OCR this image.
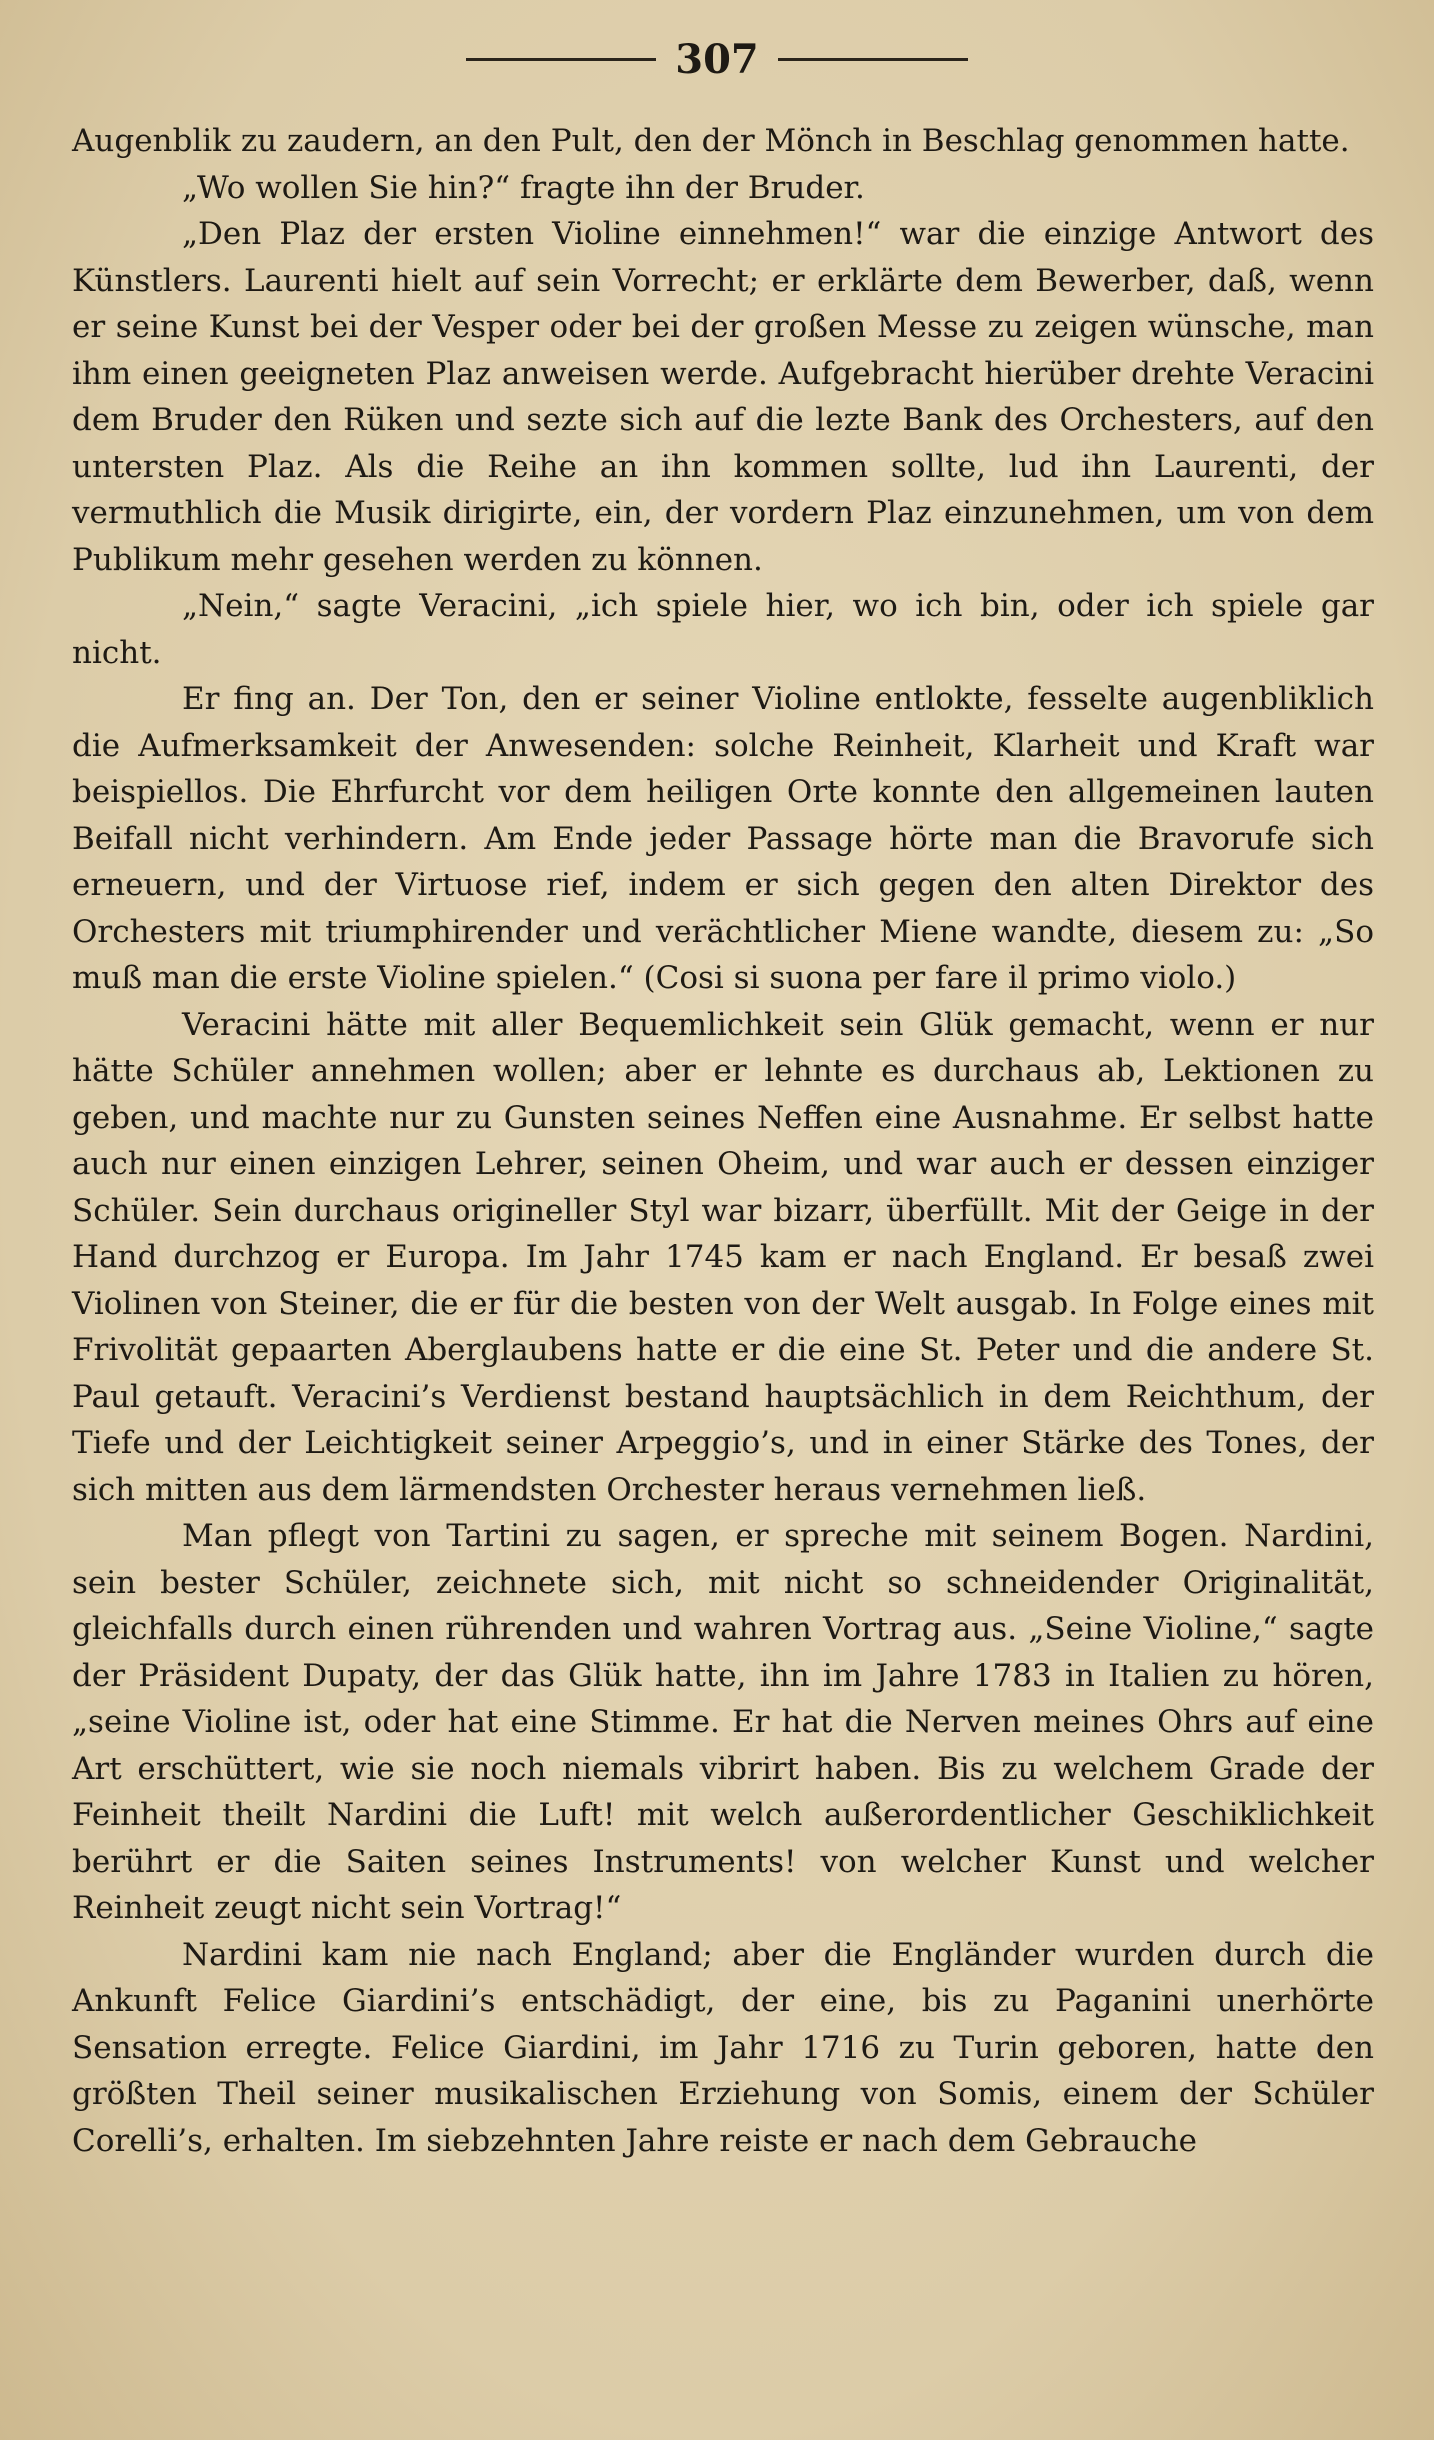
307

Augenblik zu zaudern, an den Pult, den der Mönch in Beschlag genommen hatte.

„Wo wollen Sie hin?“ fragte ihn der Bruder.

„Den Plaz der ersten Violine einnehmen!“ war die einzige Antwort des Künstlers. Laurenti hielt auf sein Vorrecht; er erklärte dem Bewerber, daß, wenn er seine Kunst bei der Vesper oder bei der großen Messe zu zeigen wünsche, man ihm einen geeigneten Plaz anweisen werde. Aufgebracht hierüber drehte Veracini dem Bruder den Rüken und sezte sich auf die lezte Bank des Orchesters, auf den untersten Plaz. Als die Reihe an ihn kommen sollte, lud ihn Laurenti, der vermuthlich die Musik dirigirte, ein, der vordern Plaz einzunehmen, um von dem Publikum mehr gesehen werden zu können.

„Nein,“ sagte Veracini, „ich spiele hier, wo ich bin, oder ich spiele gar nicht.

Er fing an. Der Ton, den er seiner Violine entlokte, fesselte augenbliklich die Aufmerksamkeit der Anwesenden: solche Reinheit, Klarheit und Kraft war beispiellos. Die Ehrfurcht vor dem heiligen Orte konnte den allgemeinen lauten Beifall nicht verhindern. Am Ende jeder Passage hörte man die Bravorufe sich erneuern, und der Virtuose rief, indem er sich gegen den alten Direktor des Orchesters mit triumphirender und verächtlicher Miene wandte, diesem zu: „So muß man die erste Violine spielen.“ (Cosi si suona per fare il primo violo.)

Veracini hätte mit aller Bequemlichkeit sein Glük gemacht, wenn er nur hätte Schüler annehmen wollen; aber er lehnte es durchaus ab, Lektionen zu geben, und machte nur zu Gunsten seines Neffen eine Ausnahme. Er selbst hatte auch nur einen einzigen Lehrer, seinen Oheim, und war auch er dessen einziger Schüler. Sein durchaus origineller Styl war bizarr, überfüllt. Mit der Geige in der Hand durchzog er Europa. Im Jahr 1745 kam er nach England. Er besaß zwei Violinen von Steiner, die er für die besten von der Welt ausgab. In Folge eines mit Frivolität gepaarten Aberglaubens hatte er die eine St. Peter und die andere St. Paul getauft. Veracini’s Verdienst bestand hauptsächlich in dem Reichthum, der Tiefe und der Leichtigkeit seiner Arpeggio’s, und in einer Stärke des Tones, der sich mitten aus dem lärmendsten Orchester heraus vernehmen ließ.

Man pflegt von Tartini zu sagen, er spreche mit seinem Bogen. Nardini, sein bester Schüler, zeichnete sich, mit nicht so schneidender Originalität, gleichfalls durch einen rührenden und wahren Vortrag aus. „Seine Violine,“ sagte der Präsident Dupaty, der das Glük hatte, ihn im Jahre 1783 in Italien zu hören, „seine Violine ist, oder hat eine Stimme. Er hat die Nerven meines Ohrs auf eine Art erschüttert, wie sie noch niemals vibrirt haben. Bis zu welchem Grade der Feinheit theilt Nardini die Luft! mit welch außerordentlicher Geschiklichkeit berührt er die Saiten seines Instruments! von welcher Kunst und welcher Reinheit zeugt nicht sein Vortrag!“

Nardini kam nie nach England; aber die Engländer wurden durch die Ankunft Felice Giardini’s entschädigt, der eine, bis zu Paganini unerhörte Sensation erregte. Felice Giardini, im Jahr 1716 zu Turin geboren, hatte den größten Theil seiner musikalischen Erziehung von Somis, einem der Schüler Corelli’s, erhalten. Im siebzehnten Jahre reiste er nach dem Gebrauche
